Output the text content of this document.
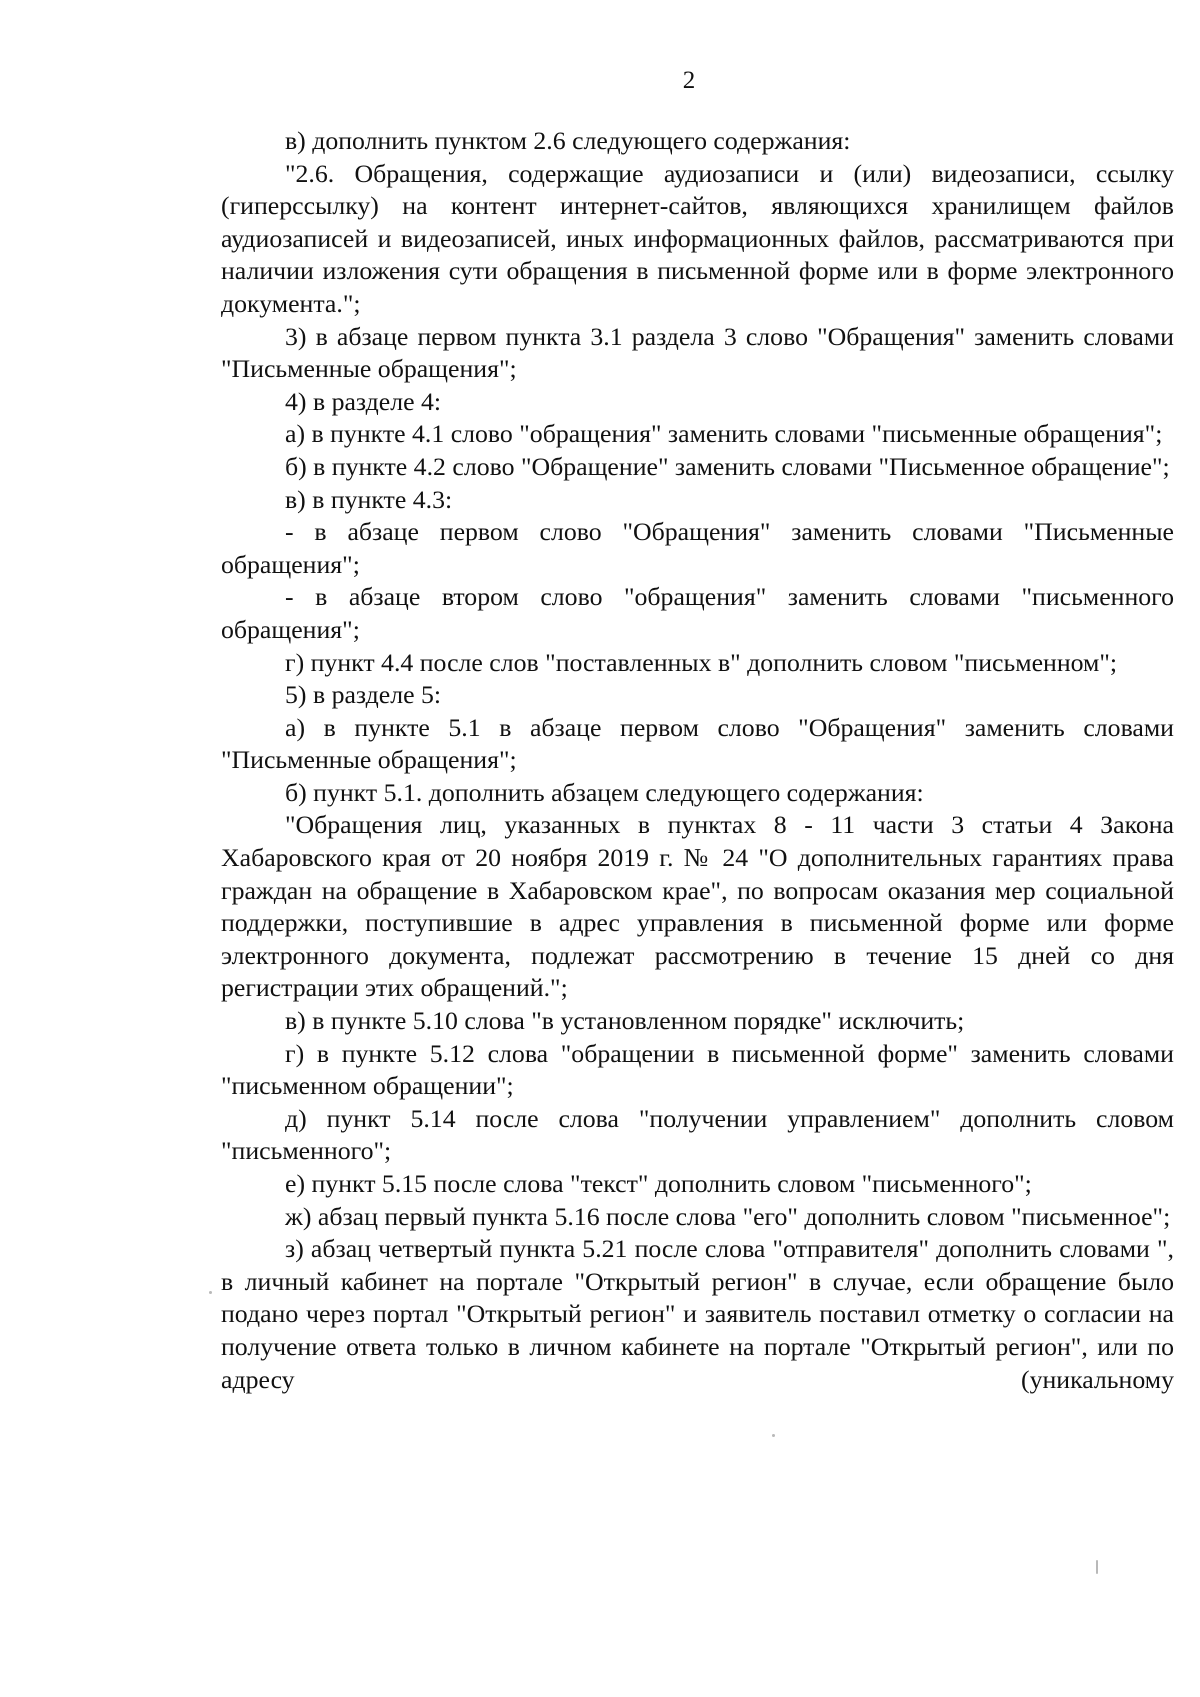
2

в) дополнить пунктом 2.6 следующего содержания:

"2.6. Обращения, содержащие аудиозаписи и (или) видеозаписи, ссылку (гиперссылку) на контент интернет-сайтов, являющихся хранилищем файлов аудиозаписей и видеозаписей, иных информационных файлов, рассматриваются при наличии изложения сути обращения в письменной форме или в форме электронного документа.";

3) в абзаце первом пункта 3.1 раздела 3 слово "Обращения" заменить словами "Письменные обращения";

4) в разделе 4:

а) в пункте 4.1 слово "обращения" заменить словами "письменные обращения";

б) в пункте 4.2 слово "Обращение" заменить словами "Письменное обращение";

в) в пункте 4.3:

- в абзаце первом слово "Обращения" заменить словами "Письменные обращения";

- в абзаце втором слово "обращения" заменить словами "письменного обращения";

г) пункт 4.4 после слов "поставленных в" дополнить словом "письменном";

5) в разделе 5:

а) в пункте 5.1 в абзаце первом слово "Обращения" заменить словами "Письменные обращения";

б) пункт 5.1. дополнить абзацем следующего содержания:

"Обращения лиц, указанных в пунктах 8 - 11 части 3 статьи 4 Закона Хабаровского края от 20 ноября 2019 г. № 24 "О дополнительных гарантиях права граждан на обращение в Хабаровском крае", по вопросам оказания мер социальной поддержки, поступившие в адрес управления в письменной форме или форме электронного документа, подлежат рассмотрению в течение 15 дней со дня регистрации этих обращений.";

в) в пункте 5.10 слова "в установленном порядке" исключить;

г) в пункте 5.12 слова "обращении в письменной форме" заменить словами "письменном обращении";

д) пункт 5.14 после слова "получении управлением" дополнить словом "письменного";

е) пункт 5.15 после слова "текст" дополнить словом "письменного";

ж) абзац первый пункта 5.16 после слова "его" дополнить словом "письменное";

з) абзац четвертый пункта 5.21 после слова "отправителя" дополнить словами ", в личный кабинет на портале "Открытый регион" в случае, если обращение было подано через портал "Открытый регион" и заявитель поставил отметку о согласии на получение ответа только в личном кабинете на портале "Открытый регион", или по адресу (уникальному
